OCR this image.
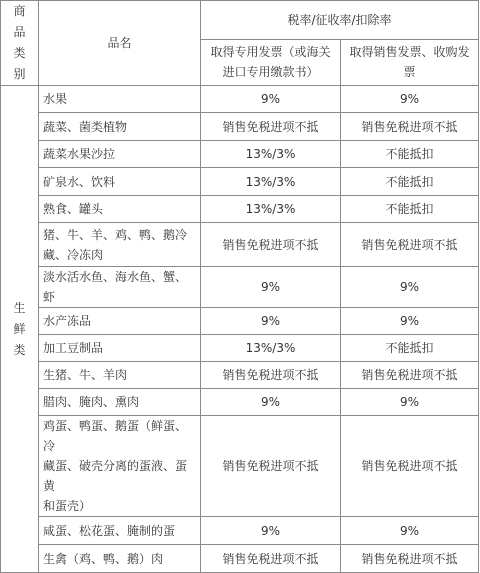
商
品
类
别	品名	税率/征收率/扣除率	

		取得专用发票（或海关
进口专用缴款书）	取得销售发票、收购发票

生
鲜
类	水果	9%	9%
	蔬菜、菌类植物	销售免税进项不抵	销售免税进项不抵
	蔬菜水果沙拉	13%/3%	不能抵扣
	矿泉水、饮料	13%/3%	不能抵扣
	熟食、罐头	13%/3%	不能抵扣

	猪、牛、羊、鸡、鸭、鹅冷
藏、冷冻肉	销售免税进项不抵	销售免税进项不抵
	淡水活水鱼、海水鱼、蟹、虾	9%	9%
	水产冻品	9%	9%
	加工豆制品	13%/3%	不能抵扣
	生猪、牛、羊肉	销售免税进项不抵	销售免税进项不抵
	腊肉、腌肉、熏肉	9%	9%

	鸡蛋、鸭蛋、鹅蛋（鲜蛋、冷
藏蛋、破壳分离的蛋液、蛋黄
和蛋壳）	销售免税进项不抵	销售免税进项不抵
	咸蛋、松花蛋、腌制的蛋	9%	9%
	生禽（鸡、鸭、鹅）肉	销售免税进项不抵	销售免税进项不抵
